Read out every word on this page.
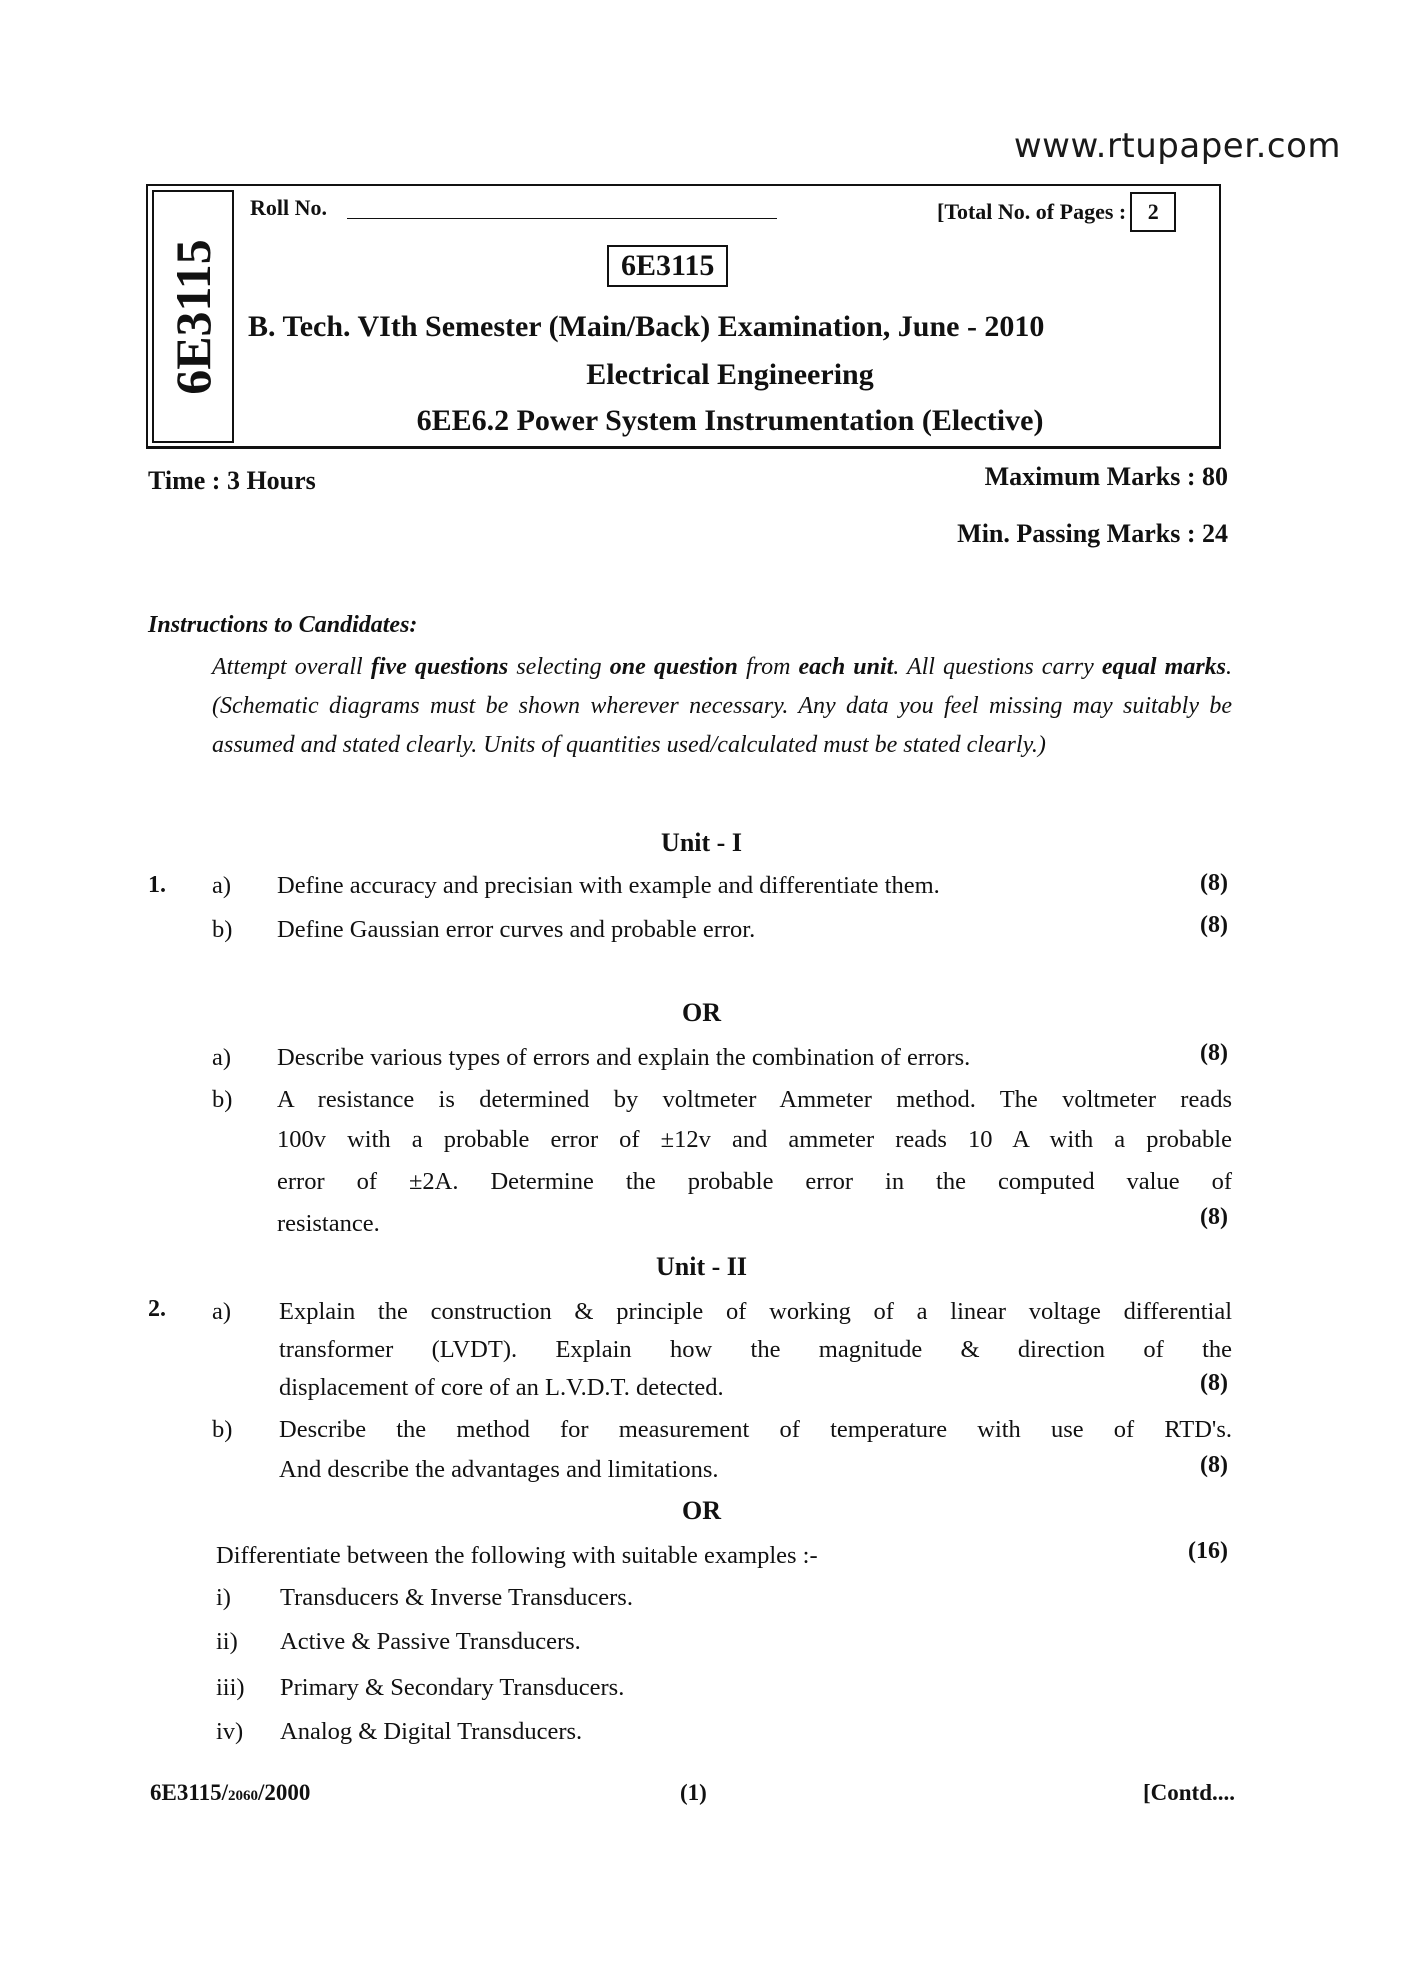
www.rtupaper.com
6E3115
Roll No.	[Total No. of Pages : 2
6E3115
B. Tech. VIth Semester (Main/Back) Examination, June - 2010
Electrical Engineering
6EE6.2 Power System Instrumentation (Elective)
Time : 3 Hours	Maximum Marks : 80
Min. Passing Marks : 24
Instructions to Candidates:
Attempt overall five questions selecting one question from each unit. All questions carry equal marks. (Schematic diagrams must be shown wherever necessary. Any data you feel missing may suitably be assumed and stated clearly. Units of quantities used/calculated must be stated clearly.)
Unit - I
1. a) Define accuracy and precisian with example and differentiate them.	(8)
b) Define Gaussian error curves and probable error.	(8)
OR
a) Describe various types of errors and explain the combination of errors.	(8)
b) A resistance is determined by voltmeter Ammeter method. The voltmeter reads
100v with a probable error of ±12v and ammeter reads 10 A with a probable
error of ±2A. Determine the probable error in the computed value of
resistance.	(8)
Unit - II
2. a) Explain the construction & principle of working of a linear voltage differential
transformer (LVDT). Explain how the magnitude & direction of the
displacement of core of an L.V.D.T. detected.	(8)
b) Describe the method for measurement of temperature with use of RTD's.
And describe the advantages and limitations.	(8)
OR
Differentiate between the following with suitable examples :-	(16)
i) Transducers & Inverse Transducers.
ii) Active & Passive Transducers.
iii) Primary & Secondary Transducers.
iv) Analog & Digital Transducers.
6E3115/2060/2000	(1)	[Contd....
